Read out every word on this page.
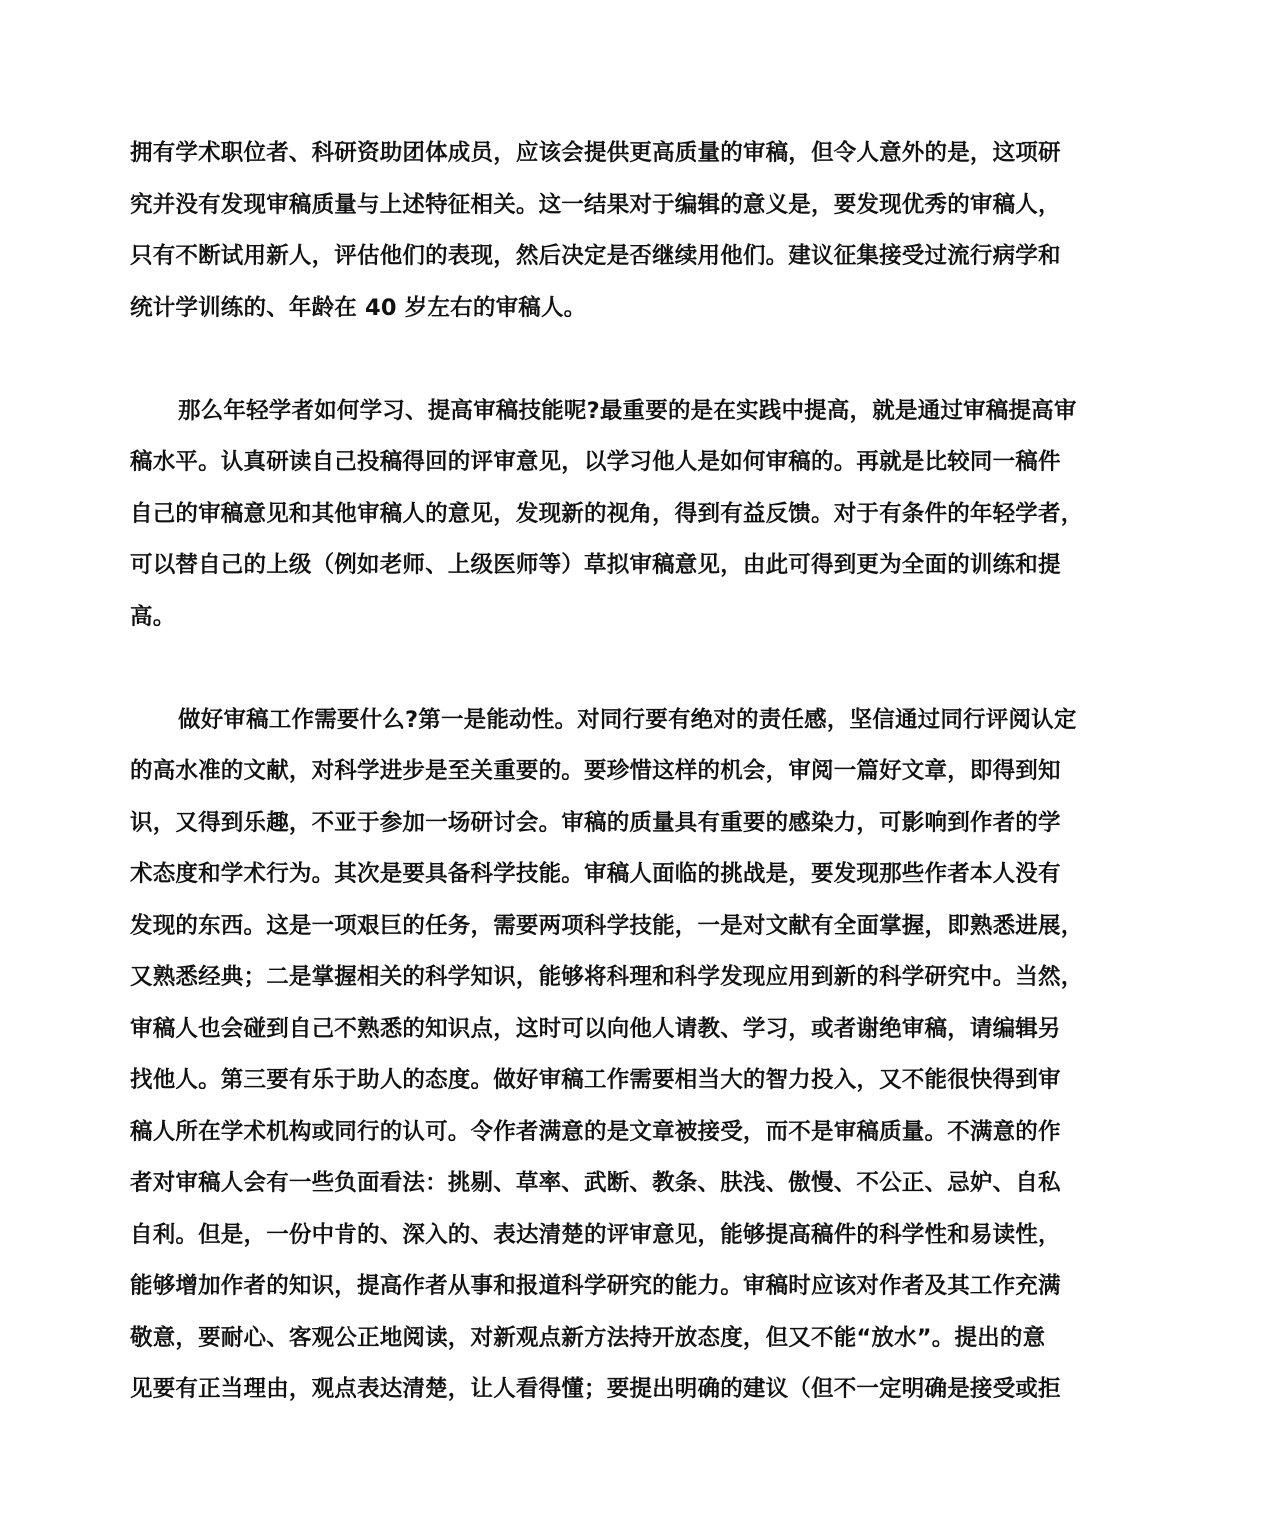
拥有学术职位者、科研资助团体成员，应该会提供更高质量的审稿，但令人意外的是，这项研
究并没有发现审稿质量与上述特征相关。这一结果对于编辑的意义是，要发现优秀的审稿人，
只有不断试用新人，评估他们的表现，然后决定是否继续用他们。建议征集接受过流行病学和
统计学训练的、年龄在 40 岁左右的审稿人。
那么年轻学者如何学习、提高审稿技能呢?最重要的是在实践中提高，就是通过审稿提高审
稿水平。认真研读自己投稿得回的评审意见，以学习他人是如何审稿的。再就是比较同一稿件
自己的审稿意见和其他审稿人的意见，发现新的视角，得到有益反馈。对于有条件的年轻学者，
可以替自己的上级（例如老师、上级医师等）草拟审稿意见，由此可得到更为全面的训练和提
高。
做好审稿工作需要什么?第一是能动性。对同行要有绝对的责任感，坚信通过同行评阅认定
的高水准的文献，对科学进步是至关重要的。要珍惜这样的机会，审阅一篇好文章，即得到知
识，又得到乐趣，不亚于参加一场研讨会。审稿的质量具有重要的感染力，可影响到作者的学
术态度和学术行为。其次是要具备科学技能。审稿人面临的挑战是，要发现那些作者本人没有
发现的东西。这是一项艰巨的任务，需要两项科学技能，一是对文献有全面掌握，即熟悉进展，
又熟悉经典；二是掌握相关的科学知识，能够将科理和科学发现应用到新的科学研究中。当然，
审稿人也会碰到自己不熟悉的知识点，这时可以向他人请教、学习，或者谢绝审稿，请编辑另
找他人。第三要有乐于助人的态度。做好审稿工作需要相当大的智力投入，又不能很快得到审
稿人所在学术机构或同行的认可。令作者满意的是文章被接受，而不是审稿质量。不满意的作
者对审稿人会有一些负面看法：挑剔、草率、武断、教条、肤浅、傲慢、不公正、忌妒、自私
自利。但是，一份中肯的、深入的、表达清楚的评审意见，能够提高稿件的科学性和易读性，
能够增加作者的知识，提高作者从事和报道科学研究的能力。审稿时应该对作者及其工作充满
敬意，要耐心、客观公正地阅读，对新观点新方法持开放态度，但又不能“放水”。提出的意
见要有正当理由，观点表达清楚，让人看得懂；要提出明确的建议（但不一定明确是接受或拒
